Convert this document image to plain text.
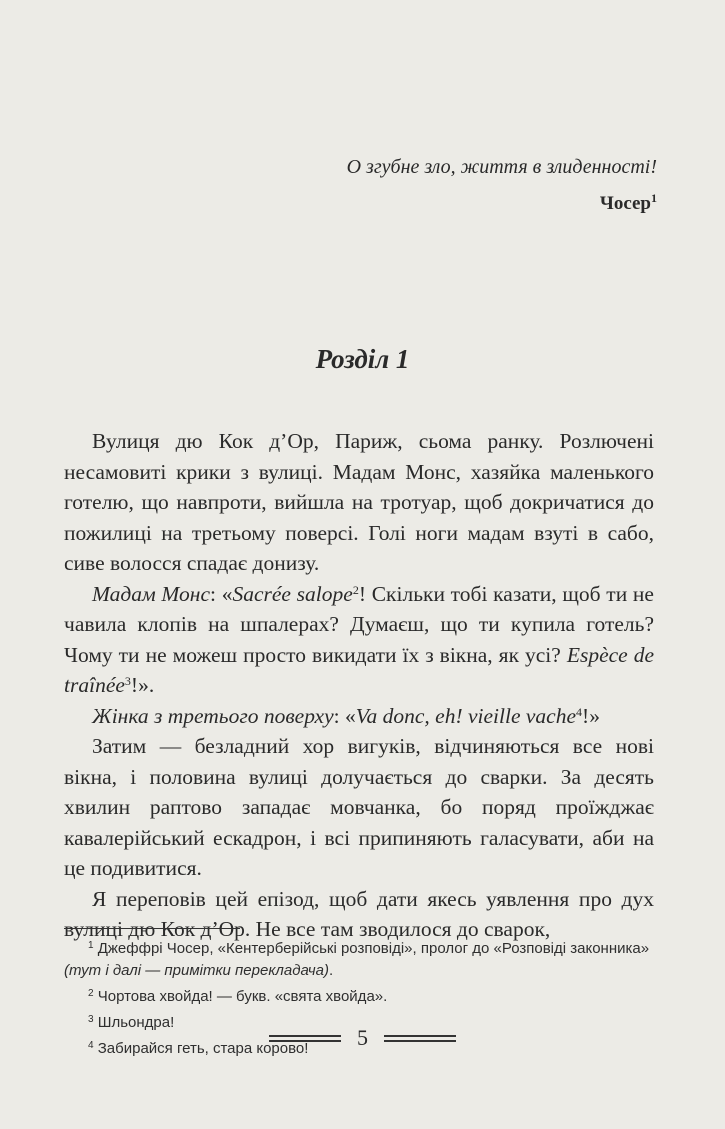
О згубне зло, життя в злиденності!
Чосер$^1$
Розділ 1

Вулиця дю Кок д’Ор, Париж, сьома ранку. Розлючені несамовиті крики з вулиці. Мадам Монс, хазяйка маленького готелю, що навпроти, вийшла на тротуар, щоб докричатися до пожилиці на третьому поверсі. Голі ноги мадам взуті в сабо, сиве волосся спадає донизу.

Мадам Монс: «Sacrée salope$^2$! Скільки тобі казати, щоб ти не чавила клопів на шпалерах? Думаєш, що ти купила готель? Чому ти не можеш просто викидати їх з вікна, як усі? Espèce de traînée$^3$!».

Жінка з третього поверху: «Va donc, eh! vieille vache$^4$!»

Затим — безладний хор вигуків, відчиняються все нові вікна, і половина вулиці долучається до сварки. За десять хвилин раптово западає мовчанка, бо поряд проїжджає кавалерійський ескадрон, і всі припиняють галасувати, аби на це подивитися.

Я переповів цей епізод, щоб дати якесь уявлення про дух вулиці дю Кок д’Ор. Не все там зводилося до сварок,

$^1$ Джеффрі Чосер, «Кентерберійські розповіді», пролог до «Розповіді законника» (тут і далі — примітки перекладача).

$^2$ Чортова хвойда! — букв. «свята хвойда».

$^3$ Шльондра!

$^4$ Забирайся геть, стара корово!	5
